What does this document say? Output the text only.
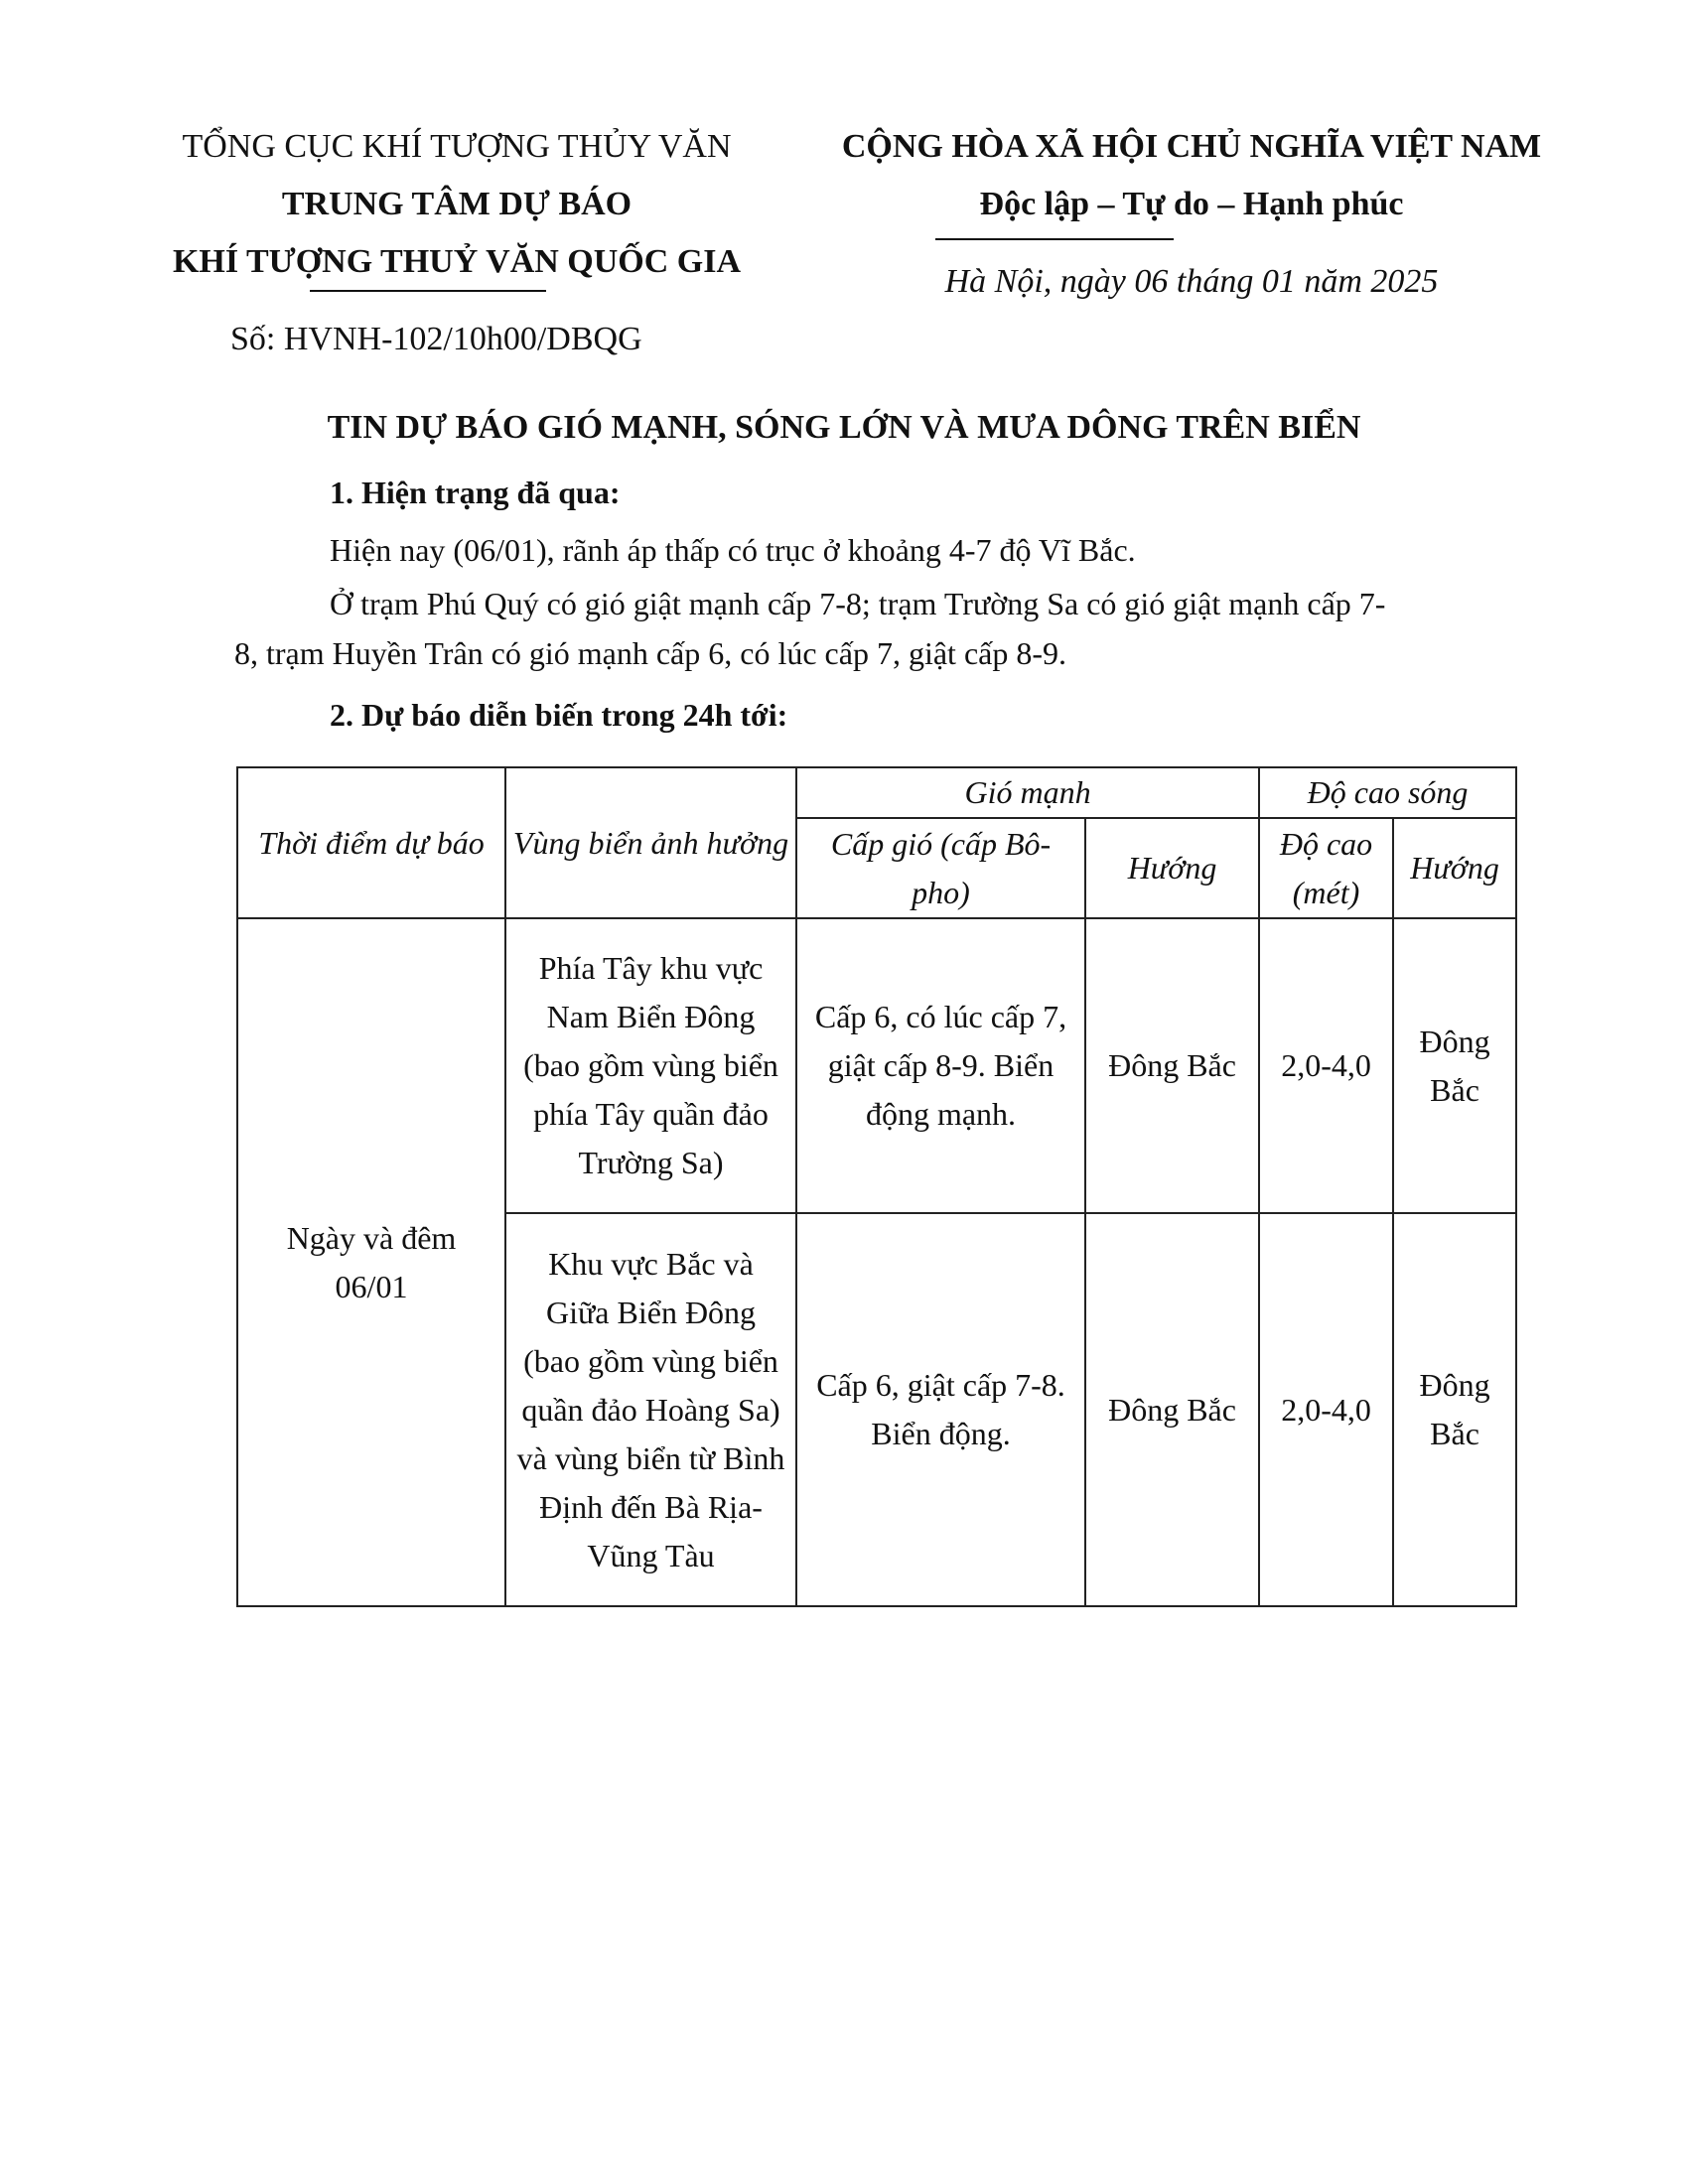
TỔNG CỤC KHÍ TƯỢNG THỦY VĂN
TRUNG TÂM DỰ BÁO
KHÍ TƯỢNG THUỶ VĂN QUỐC GIA
Số: HVNH-102/10h00/DBQG
CỘNG HÒA XÃ HỘI CHỦ NGHĨA VIỆT NAM
Độc lập – Tự do – Hạnh phúc
Hà Nội, ngày 06 tháng 01 năm 2025
TIN DỰ BÁO GIÓ MẠNH, SÓNG LỚN VÀ MƯA DÔNG TRÊN BIỂN
1. Hiện trạng đã qua:
Hiện nay (06/01), rãnh áp thấp có trục ở khoảng 4-7 độ Vĩ Bắc.
Ở trạm Phú Quý có gió giật mạnh cấp 7-8; trạm Trường Sa có gió giật mạnh cấp 7-
8, trạm Huyền Trân có gió mạnh cấp 6, có lúc cấp 7, giật cấp 8-9.
2. Dự báo diễn biến trong 24h tới:
Thời điểm dự báo	Vùng biển ảnh hưởng	Gió mạnh		Độ cao sóng	
		Cấp gió (cấp Bô-pho)	Hướng	Độ cao (mét)	Hướng
Ngày và đêm 06/01	Phía Tây khu vực Nam Biển Đông (bao gồm vùng biển phía Tây quần đảo Trường Sa)	Cấp 6, có lúc cấp 7, giật cấp 8-9. Biển động mạnh.	Đông Bắc	2,0-4,0	Đông Bắc
	Khu vực Bắc và Giữa Biển Đông (bao gồm vùng biển quần đảo Hoàng Sa) và vùng biển từ Bình Định đến Bà Rịa-Vũng Tàu	Cấp 6, giật cấp 7-8. Biển động.	Đông Bắc	2,0-4,0	Đông Bắc
